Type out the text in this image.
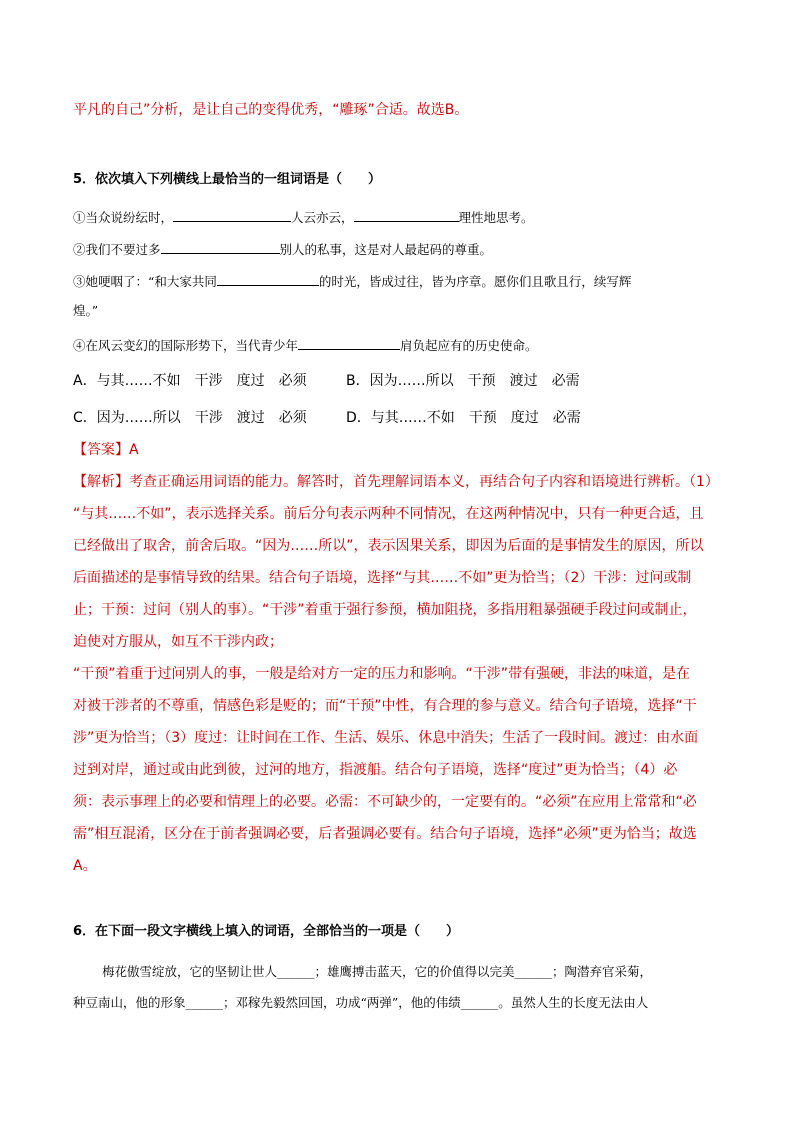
平凡的自己”分析，是让自己的变得优秀，“雕琢”合适。故选B。
5．依次填入下列横线上最恰当的一组词语是（　　）
①当众说纷纭时，	人云亦云，	理性地思考。
②我们不要过多	别人的私事，这是对人最起码的尊重。
③她哽咽了：“和大家共同	的时光，皆成过往，皆为序章。愿你们且歌且行，续写辉
煌。”
④在风云变幻的国际形势下，当代青少年	肩负起应有的历史使命。
A．与其……不如　干涉　度过　必须	B．因为……所以　干预　渡过　必需
C．因为……所以　干涉　渡过　必须	D．与其……不如　干预　度过　必需
【答案】A
【解析】考查正确运用词语的能力。解答时，首先理解词语本义，再结合句子内容和语境进行辨析。（1）
“与其……不如”，表示选择关系。前后分句表示两种不同情况，在这两种情况中，只有一种更合适，且
已经做出了取舍，前舍后取。“因为……所以”，表示因果关系，即因为后面的是事情发生的原因，所以
后面描述的是事情导致的结果。结合句子语境，选择“与其……不如”更为恰当；（2）干涉：过问或制
止；干预：过问（别人的事）。“干涉”着重于强行参预，横加阻挠，多指用粗暴强硬手段过问或制止，
迫使对方服从，如互不干涉内政；
“干预”着重于过问别人的事，一般是给对方一定的压力和影响。“干涉”带有强硬，非法的味道，是在
对被干涉者的不尊重，情感色彩是贬的；而“干预”中性，有合理的参与意义。结合句子语境，选择“干
涉”更为恰当；（3）度过：让时间在工作、生活、娱乐、休息中消失；生活了一段时间。渡过：由水面
过到对岸，通过或由此到彼，过河的地方，指渡船。结合句子语境，选择“度过”更为恰当；（4）必
须：表示事理上的必要和情理上的必要。必需：不可缺少的，一定要有的。“必须”在应用上常常和“必
需”相互混淆，区分在于前者强调必要，后者强调必要有。结合句子语境，选择“必须”更为恰当；故选
A。
6．在下面一段文字横线上填入的词语，全部恰当的一项是（　　）
梅花傲雪绽放，它的坚韧让世人______；雄鹰搏击蓝天，它的价值得以完美______；陶潜弃官采菊，
种豆南山，他的形象______；邓稼先毅然回国，功成“两弹”，他的伟绩______。虽然人生的长度无法由人
